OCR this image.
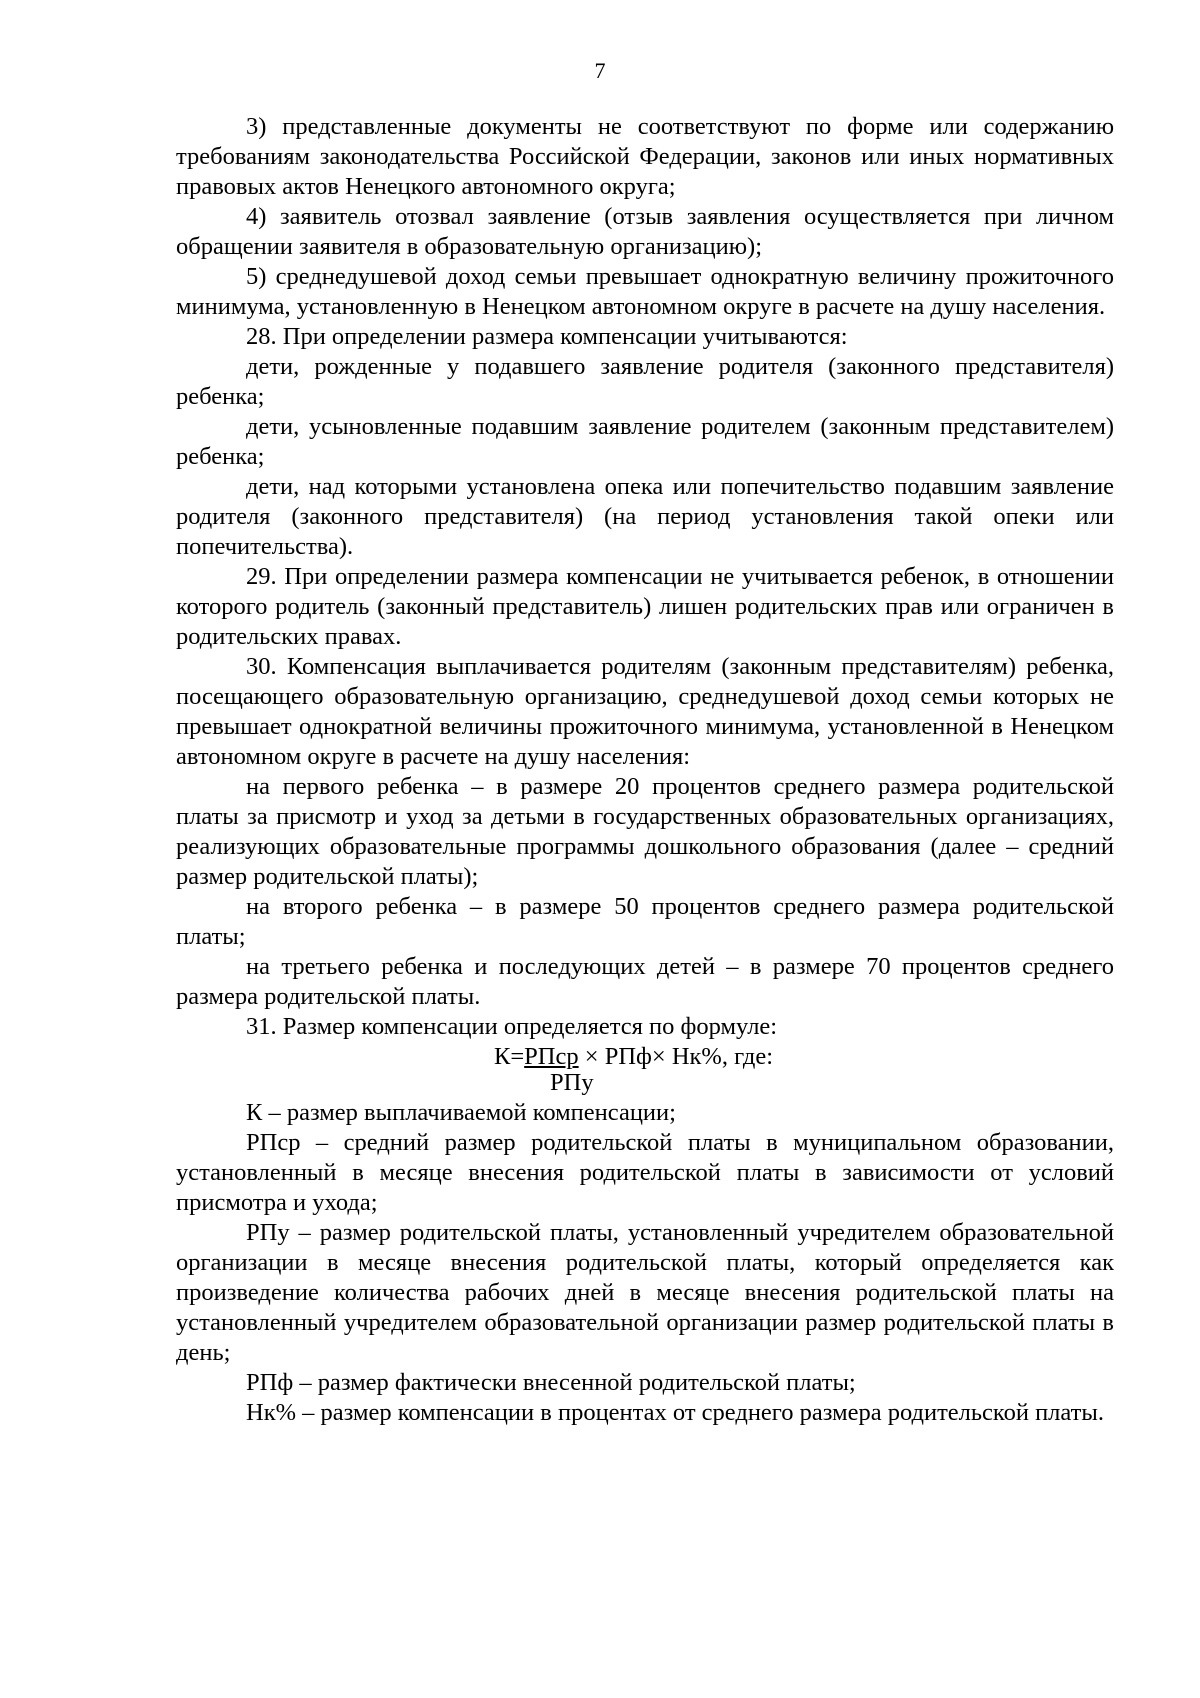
7

3) представленные документы не соответствуют по форме или содержанию требованиям законодательства Российской Федерации, законов или иных нормативных правовых актов Ненецкого автономного округа;

4) заявитель отозвал заявление (отзыв заявления осуществляется при личном обращении заявителя в образовательную организацию);

5) среднедушевой доход семьи превышает однократную величину прожиточного минимума, установленную в Ненецком автономном округе в расчете на душу населения.

28. При определении размера компенсации учитываются:

дети, рожденные у подавшего заявление родителя (законного представителя) ребенка;

дети, усыновленные подавшим заявление родителем (законным представителем) ребенка;

дети, над которыми установлена опека или попечительство подавшим заявление родителя (законного представителя) (на период установления такой опеки или попечительства).

29. При определении размера компенсации не учитывается ребенок, в отношении которого родитель (законный представитель) лишен родительских прав или ограничен в родительских правах.

30. Компенсация выплачивается родителям (законным представителям) ребенка, посещающего образовательную организацию, среднедушевой доход семьи которых не превышает однократной величины прожиточного минимума, установленной в Ненецком автономном округе в расчете на душу населения:

на первого ребенка – в размере 20 процентов среднего размера родительской платы за присмотр и уход за детьми в государственных образовательных организациях, реализующих образовательные программы дошкольного образования (далее – средний размер родительской платы);

на второго ребенка – в размере 50 процентов среднего размера родительской платы;

на третьего ребенка и последующих детей – в размере 70 процентов среднего размера родительской платы.

31. Размер компенсации определяется по формуле:

К=РПср × РПф× Нк%, где:
РПу

К – размер выплачиваемой компенсации;

РПср – средний размер родительской платы в муниципальном образовании, установленный в месяце внесения родительской платы в зависимости от условий присмотра и ухода;

РПу – размер родительской платы, установленный учредителем образовательной организации в месяце внесения родительской платы, который определяется как произведение количества рабочих дней в месяце внесения родительской платы на установленный учредителем образовательной организации размер родительской платы в день;

РПф – размер фактически внесенной родительской платы;

Нк% – размер компенсации в процентах от среднего размера родительской платы.
